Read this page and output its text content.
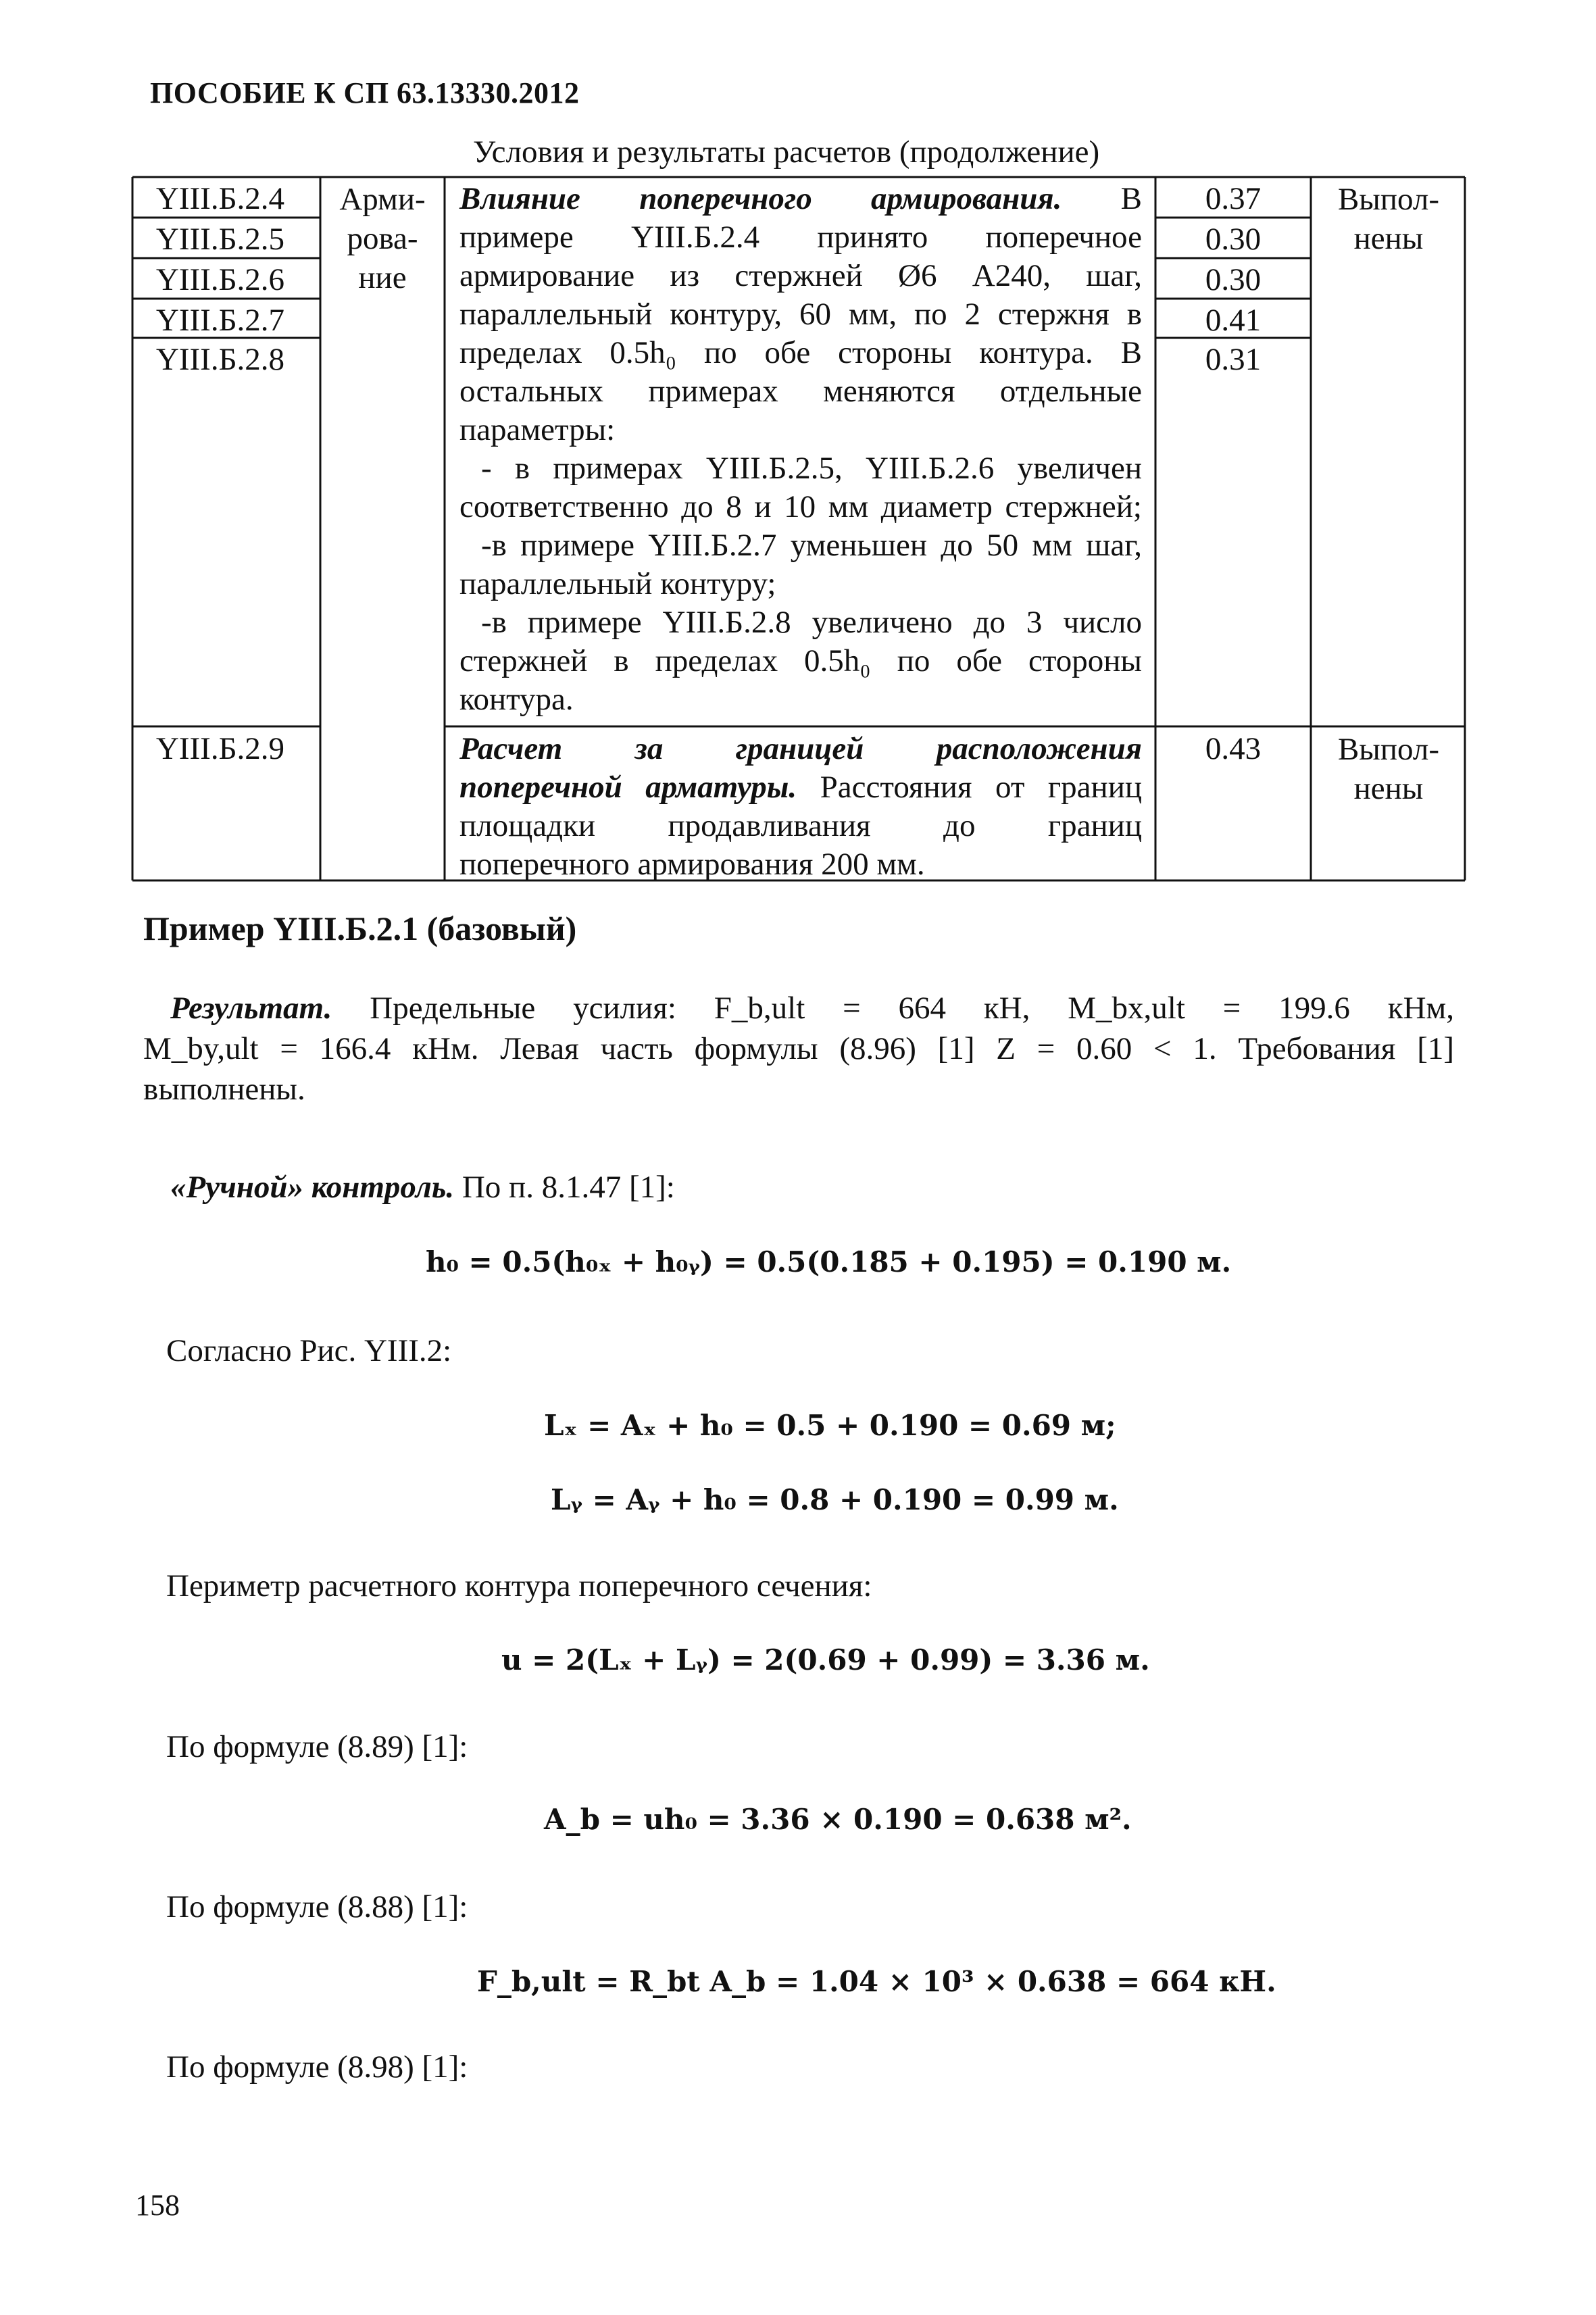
ПОСОБИЕ К СП 63.13330.2012
Условия и результаты расчетов (продолжение)
YIII.Б.2.4
YIII.Б.2.5
YIII.Б.2.6
YIII.Б.2.7
YIII.Б.2.8
YIII.Б.2.9
Арми-
рова-
ние

Влияние поперечного армирования. В

примере YIII.Б.2.4 принято поперечное

армирование из стержней Ø6 А240, шаг,

параллельный контуру, 60 мм, по 2 стержня в

пределах 0.5h₀ по обе стороны контура. В

остальных примерах меняются отдельные

параметры:

- в примерах YIII.Б.2.5, YIII.Б.2.6 увеличен

соответственно до 8 и 10 мм диаметр стержней;

-в примере YIII.Б.2.7 уменьшен до 50 мм шаг,

параллельный контуру;

-в примере YIII.Б.2.8 увеличено до 3 число

стержней в пределах 0.5h₀ по обе стороны

контура.

0.37
0.30
0.30
0.41
0.31
Выпол-
нены

Расчет за границей расположения

поперечной арматуры. Расстояния от границ

площадки продавливания до границ

поперечного армирования 200 мм.

0.43	Выпол-
нены
Пример YIII.Б.2.1 (базовый)
Результат. Предельные усилия: F_b,ult = 664 кН, M_bx,ult = 199.6 кНм,
M_by,ult = 166.4 кНм. Левая часть формулы (8.96) [1] Z = 0.60 < 1. Требования [1]
выполнены.
«Ручной» контроль. По п. 8.1.47 [1]:
h₀ = 0.5(h₀ₓ + h₀ᵧ) = 0.5(0.185 + 0.195) = 0.190 м.
Согласно Рис. YIII.2:
Lₓ = Aₓ + h₀ = 0.5 + 0.190 = 0.69 м;
Lᵧ = Aᵧ + h₀ = 0.8 + 0.190 = 0.99 м.
Периметр расчетного контура поперечного сечения:
u = 2(Lₓ + Lᵧ) = 2(0.69 + 0.99) = 3.36 м.
По формуле (8.89) [1]:
A_b = uh₀ = 3.36 × 0.190 = 0.638 м².
По формуле (8.88) [1]:
F_b,ult = R_bt A_b = 1.04 × 10³ × 0.638 = 664 кН.
По формуле (8.98) [1]:
158
